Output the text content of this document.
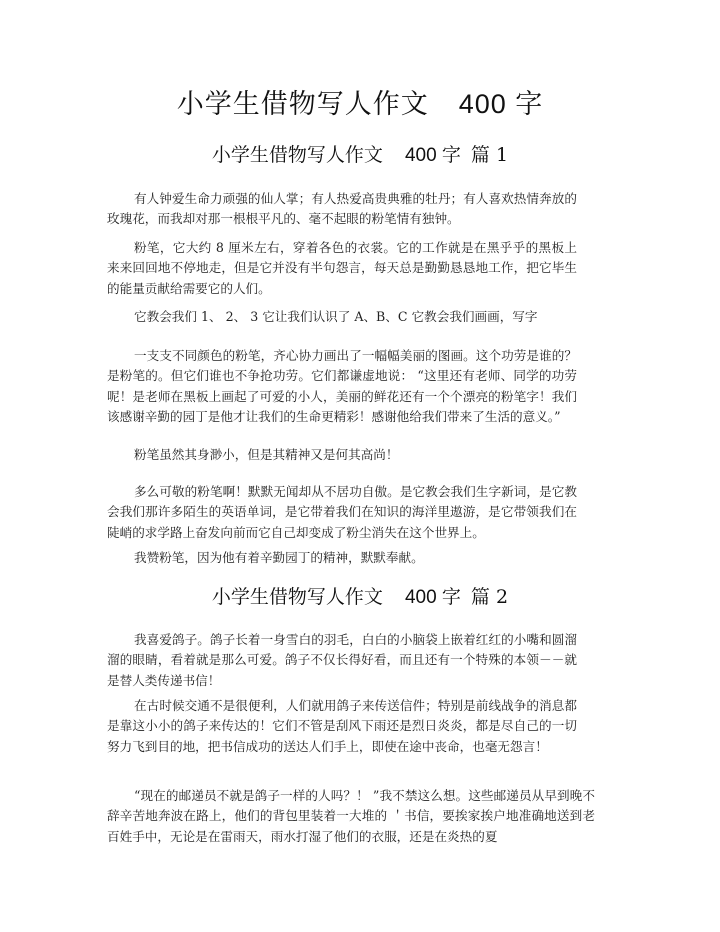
小学生借物写人作文 400 字
小学生借物写人作文 400 字 篇 1

有人钟爱生命力顽强的仙人掌；有人热爱高贵典雅的牡丹；有人喜欢热情奔放的玫瑰花，而我却对那一根根平凡的、毫不起眼的粉笔情有独钟。

粉笔，它大约 8 厘米左右，穿着各色的衣裳。它的工作就是在黑乎乎的黑板上来来回回地不停地走，但是它并没有半句怨言，每天总是勤勤恳恳地工作，把它毕生的能量贡献给需要它的人们。

它教会我们 1、 2、 3 它让我们认识了 A、B、C 它教会我们画画，写字

一支支不同颜色的粉笔，齐心协力画出了一幅幅美丽的图画。这个功劳是谁的？是粉笔的。但它们谁也不争抢功劳。它们都谦虚地说： “这里还有老师、同学的功劳呢！是老师在黑板上画起了可爱的小人，美丽的鲜花还有一个个漂亮的粉笔字！我们该感谢辛勤的园丁是他才让我们的生命更精彩！感谢他给我们带来了生活的意义。”

粉笔虽然其身渺小，但是其精神又是何其高尚！

多么可敬的粉笔啊！默默无闻却从不居功自傲。是它教会我们生字新词，是它教会我们那许多陌生的英语单词，是它带着我们在知识的海洋里遨游，是它带领我们在陡峭的求学路上奋发向前而它自己却变成了粉尘消失在这个世界上。

我赞粉笔，因为他有着辛勤园丁的精神，默默奉献。

小学生借物写人作文 400 字 篇 2

我喜爱鸽子。鸽子长着一身雪白的羽毛，白白的小脑袋上嵌着红红的小嘴和圆溜溜的眼睛，看着就是那么可爱。鸽子不仅长得好看，而且还有一个特殊的本领－－就是替人类传递书信！

在古时候交通不是很便利，人们就用鸽子来传送信件；特别是前线战争的消息都是靠这小小的鸽子来传达的！它们不管是刮风下雨还是烈日炎炎，都是尽自己的一切努力飞到目的地，把书信成功的送达人们手上，即使在途中丧命，也毫无怨言！

“现在的邮递员不就是鸽子一样的人吗？！ ”我不禁这么想。这些邮递员从早到晚不辞辛苦地奔波在路上，他们的背包里装着一大堆的 ＇书信，要挨家挨户地准确地送到老百姓手中，无论是在雷雨天，雨水打湿了他们的衣服，还是在炎热的夏
